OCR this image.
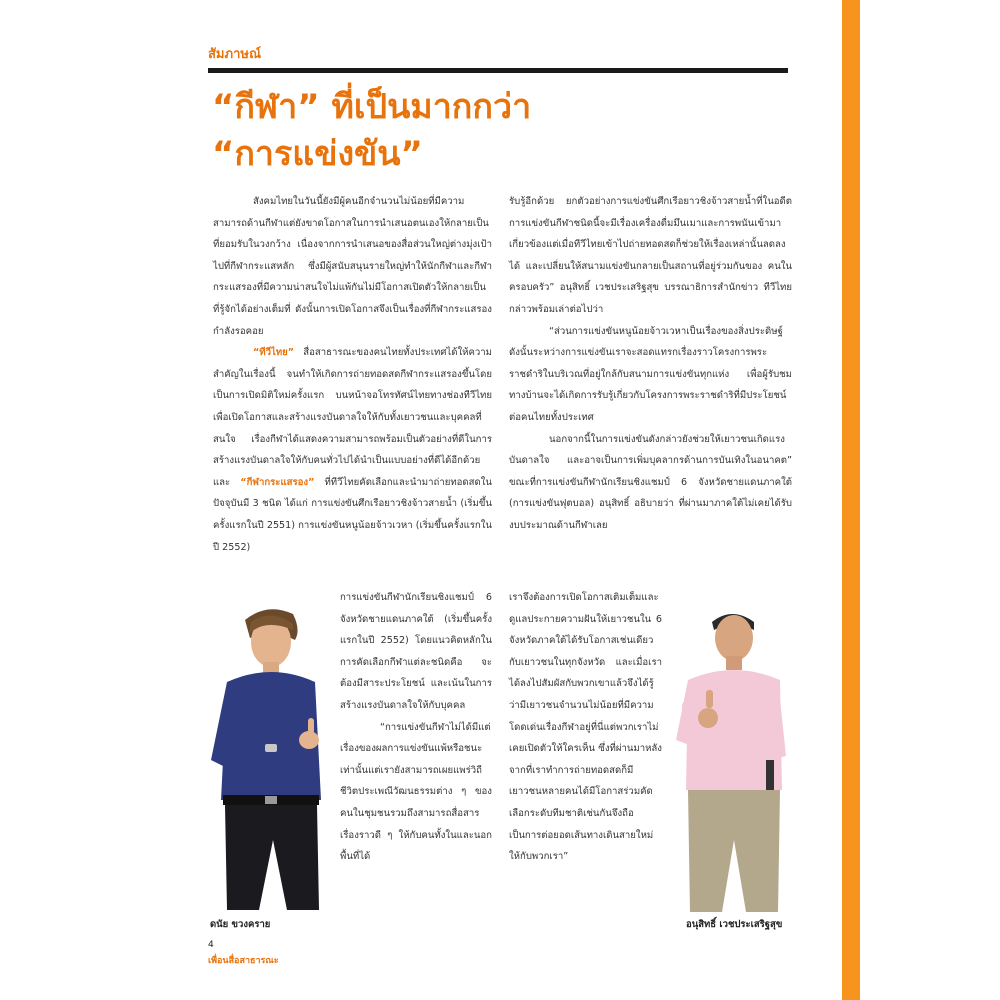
สัมภาษณ์
“กีฬา” ที่เป็นมากกว่า
“การแข่งขัน”

สังคมไทยในวันนี้ยังมีผู้คนอีกจำนวนไม่น้อยที่มีความสามารถด้านกีฬาแต่ยังขาดโอกาสในการนำเสนอตนเองให้กลายเป็นที่ยอมรับในวงกว้าง เนื่องจากการนำเสนอของสื่อส่วนใหญ่ต่างมุ่งเป้าไปที่กีฬากระแสหลัก ซึ่งมีผู้สนับสนุนรายใหญ่ทำให้นักกีฬาและกีฬากระแสรองที่มีความน่าสนใจไม่แพ้กันไม่มีโอกาสเปิดตัวให้กลายเป็นที่รู้จักได้อย่างเต็มที่ ดังนั้นการเปิดโอกาสจึงเป็นเรื่องที่กีฬากระแสรองกำลังรอคอย

“ทีวีไทย” สื่อสาธารณะของคนไทยทั้งประเทศได้ให้ความสำคัญในเรื่องนี้ จนทำให้เกิดการถ่ายทอดสดกีฬากระแสรองขึ้นโดยเป็นการเปิดมิติใหม่ครั้งแรก บนหน้าจอโทรทัศน์ไทยทางช่องทีวีไทย เพื่อเปิดโอกาสและสร้างแรงบันดาลใจให้กับทั้งเยาวชนและบุคคลที่สนใจ เรื่องกีฬาได้แสดงความสามารถพร้อมเป็นตัวอย่างที่ดีในการสร้างแรงบันดาลใจให้กับคนทั่วไปได้นำเป็นแบบอย่างที่ดีได้อีกด้วย และ “กีฬากระแสรอง” ที่ทีวีไทยคัดเลือกและนำมาถ่ายทอดสดในปัจจุบันมี 3 ชนิด ได้แก่ การแข่งขันศึกเรือยาวชิงจ้าวสายน้ำ (เริ่มขึ้นครั้งแรกในปี 2551) การแข่งขันหนูน้อยจ้าวเวหา (เริ่มขึ้นครั้งแรกในปี 2552)

การแข่งขันกีฬานักเรียนชิงแชมป์ 6 จังหวัดชายแดนภาคใต้ (เริ่มขึ้นครั้งแรกในปี 2552) โดยแนวคิดหลักในการคัดเลือกกีฬาแต่ละชนิดคือ จะต้องมีสาระประโยชน์ และเน้นในการสร้างแรงบันดาลใจให้กับบุคคล

“การแข่งขันกีฬาไม่ได้มีแต่เรื่องของผลการแข่งขันแพ้หรือชนะเท่านั้นแต่เรายังสามารถเผยแพร่วิถีชีวิตประเพณีวัฒนธรรมต่าง ๆ ของคนในชุมชนรวมถึงสามารถสื่อสารเรื่องราวดี ๆ ให้กับคนทั้งในและนอกพื้นที่ได้

รับรู้อีกด้วย ยกตัวอย่างการแข่งขันศึกเรือยาวชิงจ้าวสายน้ำที่ในอดีตการแข่งขันกีฬาชนิดนี้จะมีเรื่องเครื่องดื่มมึนเมาและการพนันเข้ามาเกี่ยวข้องแต่เมื่อทีวีไทยเข้าไปถ่ายทอดสดก็ช่วยให้เรื่องเหล่านั้นลดลงได้ และเปลี่ยนให้สนามแข่งขันกลายเป็นสถานที่อยู่ร่วมกันของ คนในครอบครัว” อนุสิทธิ์ เวชประเสริฐสุข บรรณาธิการสำนักข่าว ทีวีไทย กล่าวพร้อมเล่าต่อไปว่า

“ส่วนการแข่งขันหนูน้อยจ้าวเวหาเป็นเรื่องของสิ่งประดิษฐ์ดังนั้นระหว่างการแข่งขันเราจะสอดแทรกเรื่องราวโครงการพระราชดำริในบริเวณที่อยู่ใกล้กับสนามการแข่งขันทุกแห่ง เพื่อผู้รับชมทางบ้านจะได้เกิดการรับรู้เกี่ยวกับโครงการพระราชดำริที่มีประโยชน์ต่อคนไทยทั้งประเทศ

นอกจากนี้ในการแข่งขันดังกล่าวยังช่วยให้เยาวชนเกิดแรงบันดาลใจ และอาจเป็นการเพิ่มบุคลากรด้านการบันเทิงในอนาคต” ขณะที่การแข่งขันกีฬานักเรียนชิงแชมป์ 6 จังหวัดชายแดนภาคใต้ (การแข่งขันฟุตบอล) อนุสิทธิ์ อธิบายว่า ที่ผ่านมาภาคใต้ไม่เคยได้รับงบประมาณด้านกีฬาเลย

เราจึงต้องการเปิดโอกาสเติมเต็มและดูแลประกายความฝันให้เยาวชนใน 6 จังหวัดภาคใต้ได้รับโอกาสเช่นเดียวกับเยาวชนในทุกจังหวัด และเมื่อเราได้ลงไปสัมผัสกับพวกเขาแล้วจึงได้รู้ว่ามีเยาวชนจำนวนไม่น้อยที่มีความโดดเด่นเรื่องกีฬาอยู่ที่นี่แต่พวกเราไม่เคยเปิดตัวให้ใครเห็น ซึ่งที่ผ่านมาหลังจากที่เราทำการถ่ายทอดสดก็มีเยาวชนหลายคนได้มีโอกาสร่วมคัดเลือกระดับทีมชาติเช่นกันจึงถือเป็นการต่อยอดเส้นทางเดินสายใหม่ให้กับพวกเรา”

ดนัย ขวงคราย	อนุสิทธิ์ เวชประเสริฐสุข
4
เพื่อนสื่อสาธารณะ
